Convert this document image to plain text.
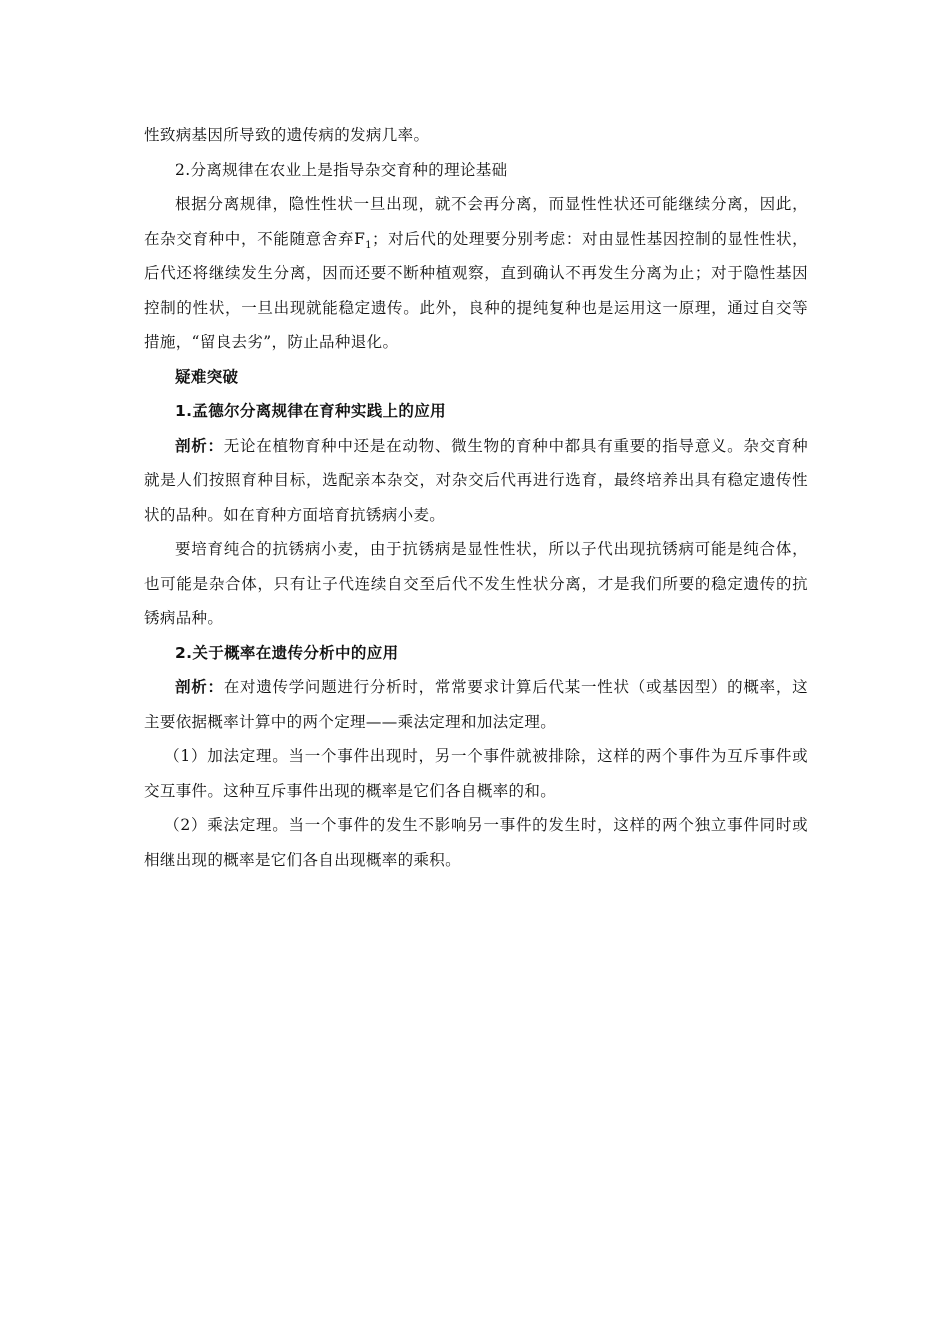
性致病基因所导致的遗传病的发病几率。

2.分离规律在农业上是指导杂交育种的理论基础

根据分离规律，隐性性状一旦出现，就不会再分离，而显性性状还可能继续分离，因此，在杂交育种中，不能随意舍弃$F_1$；对后代的处理要分别考虑：对由显性基因控制的显性性状，后代还将继续发生分离，因而还要不断种植观察，直到确认不再发生分离为止；对于隐性基因控制的性状，一旦出现就能稳定遗传。此外，良种的提纯复种也是运用这一原理，通过自交等措施，“留良去劣”，防止品种退化。

疑难突破

1.孟德尔分离规律在育种实践上的应用

剖析：无论在植物育种中还是在动物、微生物的育种中都具有重要的指导意义。杂交育种就是人们按照育种目标，选配亲本杂交，对杂交后代再进行选育，最终培养出具有稳定遗传性状的品种。如在育种方面培育抗锈病小麦。

要培育纯合的抗锈病小麦，由于抗锈病是显性性状，所以子代出现抗锈病可能是纯合体，也可能是杂合体，只有让子代连续自交至后代不发生性状分离，才是我们所要的稳定遗传的抗锈病品种。

2.关于概率在遗传分析中的应用

剖析：在对遗传学问题进行分析时，常常要求计算后代某一性状（或基因型）的概率，这主要依据概率计算中的两个定理——乘法定理和加法定理。

（1）加法定理。当一个事件出现时，另一个事件就被排除，这样的两个事件为互斥事件或交互事件。这种互斥事件出现的概率是它们各自概率的和。

（2）乘法定理。当一个事件的发生不影响另一事件的发生时，这样的两个独立事件同时或相继出现的概率是它们各自出现概率的乘积。
